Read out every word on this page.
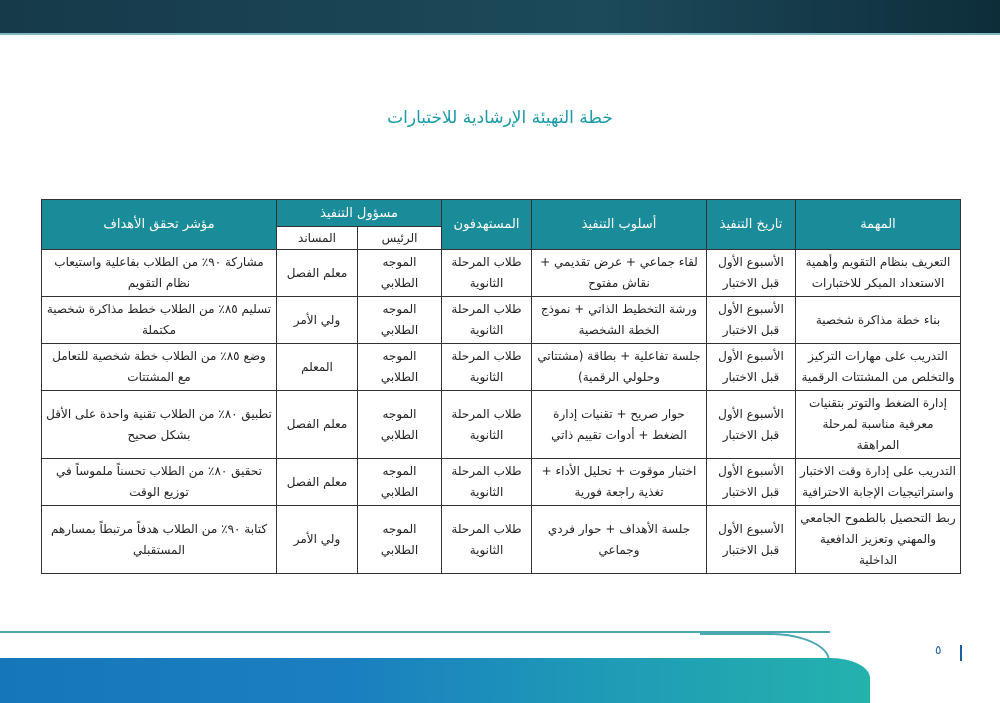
خطة التهيئة الإرشادية للاختبارات
المهمة	تاريخ التنفيذ	أسلوب التنفيذ	المستهدفون	مسؤول التنفيذ		مؤشر تحقق الأهداف
				الرئيس	المساند	
التعريف بنظام التقويم وأهمية الاستعداد المبكر للاختبارات	الأسبوع الأول قبل الاختبار	لقاء جماعي + عرض تقديمي + نقاش مفتوح	طلاب المرحلة الثانوية	الموجه الطلابي	معلم الفصل	مشاركة ٩٠٪ من الطلاب بفاعلية واستيعاب نظام التقويم
بناء خطة مذاكرة شخصية	الأسبوع الأول قبل الاختبار	ورشة التخطيط الذاتي + نموذج الخطة الشخصية	طلاب المرحلة الثانوية	الموجه الطلابي	ولي الأمر	تسليم ٨٥٪ من الطلاب خطط مذاكرة شخصية مكتملة
التدريب على مهارات التركيز والتخلص من المشتتات الرقمية	الأسبوع الأول قبل الاختبار	جلسة تفاعلية + بطاقة (مشتتاتي وحلولي الرقمية)	طلاب المرحلة الثانوية	الموجه الطلابي	المعلم	وضع ٨٥٪ من الطلاب خطة شخصية للتعامل مع المشتتات
إدارة الضغط والتوتر بتقنيات معرفية مناسبة لمرحلة المراهقة	الأسبوع الأول قبل الاختبار	حوار صريح + تقنيات إدارة الضغط + أدوات تقييم ذاتي	طلاب المرحلة الثانوية	الموجه الطلابي	معلم الفصل	تطبيق ٨٠٪ من الطلاب تقنية واحدة على الأقل بشكل صحيح
التدريب على إدارة وقت الاختبار واستراتيجيات الإجابة الاحترافية	الأسبوع الأول قبل الاختبار	اختبار موقوت + تحليل الأداء + تغذية راجعة فورية	طلاب المرحلة الثانوية	الموجه الطلابي	معلم الفصل	تحقيق ٨٠٪ من الطلاب تحسناً ملموساً في توزيع الوقت
ربط التحصيل بالطموح الجامعي والمهني وتعزيز الدافعية الداخلية	الأسبوع الأول قبل الاختبار	جلسة الأهداف + حوار فردي وجماعي	طلاب المرحلة الثانوية	الموجه الطلابي	ولي الأمر	كتابة ٩٠٪ من الطلاب هدفاً مرتبطاً بمسارهم المستقبلي
٥
